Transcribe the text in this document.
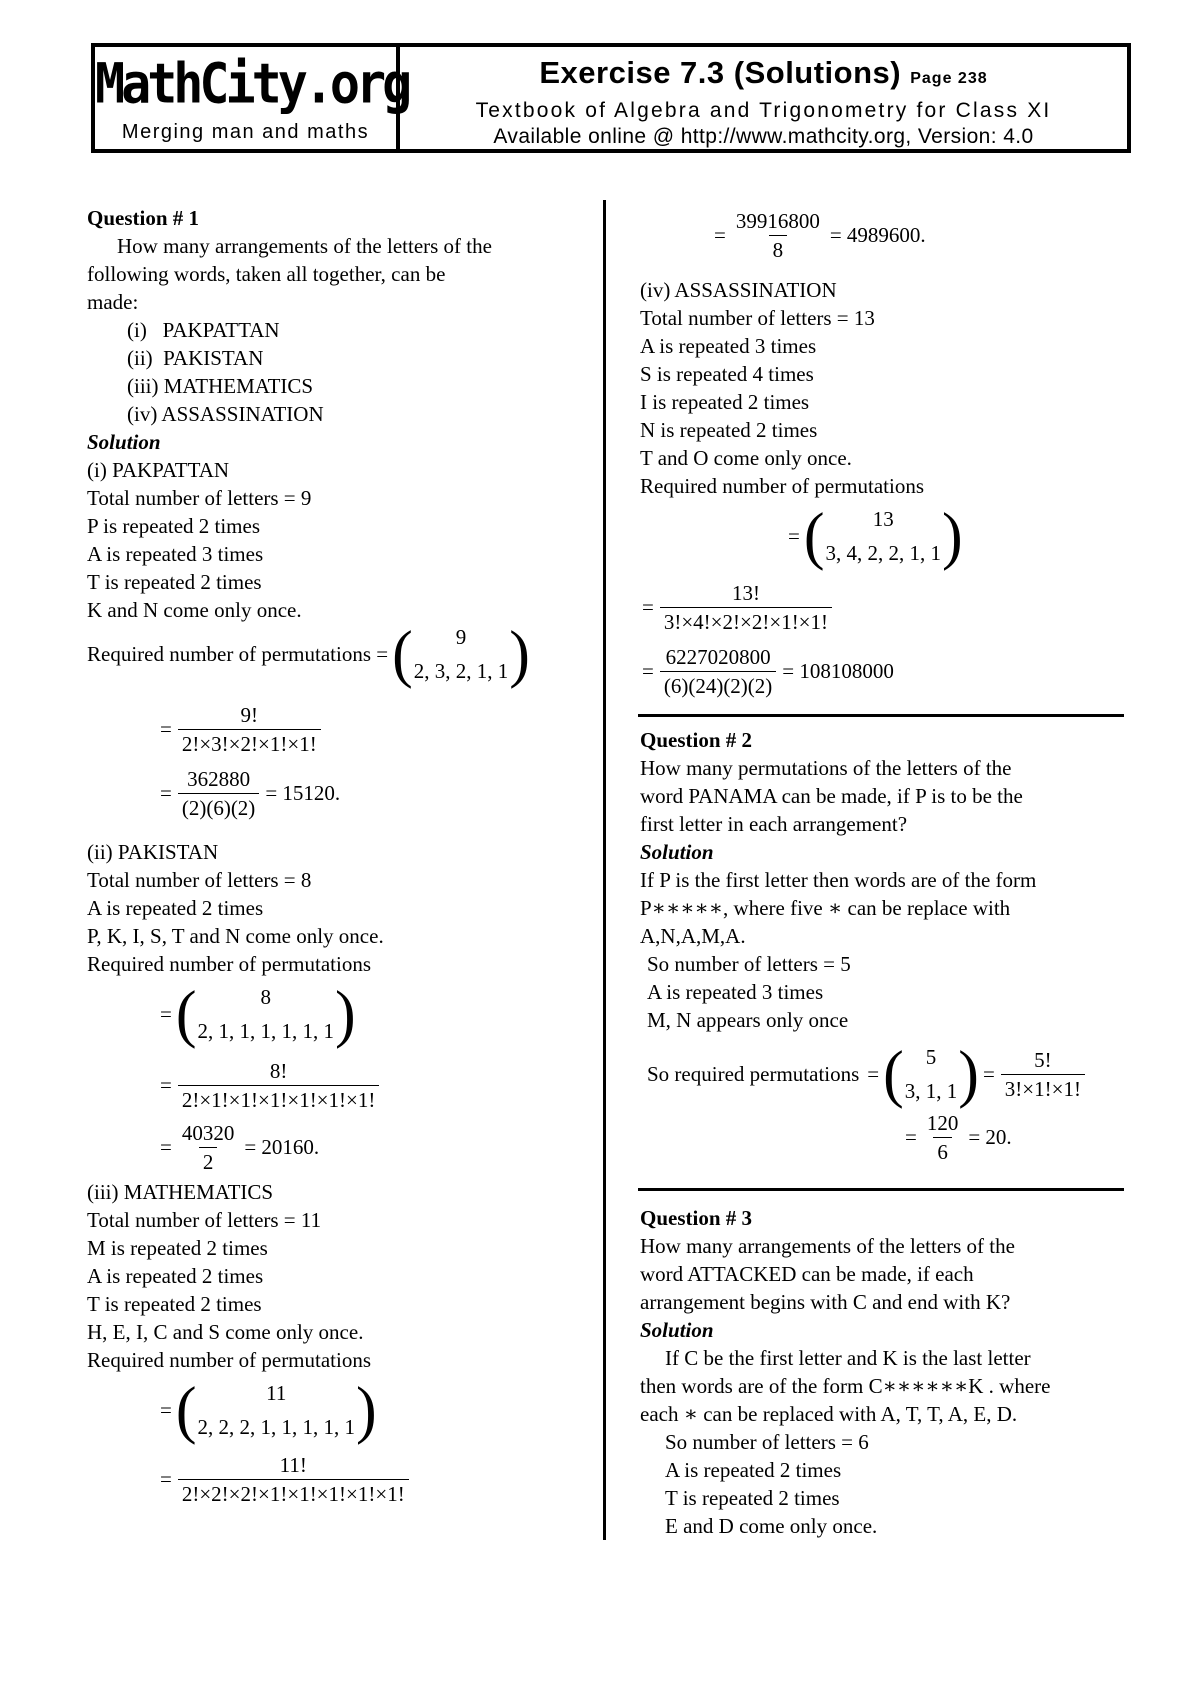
MathCity.org
Merging man and maths
Exercise 7.3 (Solutions) Page 238
Textbook of Algebra and Trigonometry for Class XI
Available online @ http://www.mathcity.org, Version: 4.0
Question # 1
How many arrangements of the letters of the
following words, taken all together, can be
made:
(i)   PAKPATTAN
(ii)  PAKISTAN
(iii) MATHEMATICS
(iv) ASSASSINATION
Solution
(i) PAKPATTAN
Total number of letters = 9
P is repeated 2 times
A is repeated 3 times
T is repeated 2 times
K and N come only once.
Required number of permutations = ( 9
2, 3, 2, 1, 1 )
= $\frac{9!}{2!\times 3!\times 2!\times 1!\times 1!}$
= $\frac{362880}{(2)(6)(2)} = 15120$.
(ii) PAKISTAN
Total number of letters = 8
A is repeated 2 times
P, K, I, S, T and N come only once.
Required number of permutations
= (	8
2, 1, 1, 1, 1, 1, 1 )
= $\frac{8!}{2!\times 1!\times 1!\times 1!\times 1!\times 1!\times 1!}$
= $\frac{40320}{2} = 20160$.
(iii) MATHEMATICS
Total number of letters = 11
M is repeated 2 times
A is repeated 2 times
T is repeated 2 times
H, E, I, C and S come only once.
Required number of permutations
= (	11
2, 2, 2, 1, 1, 1, 1, 1 )
= $\frac{11!}{2!\times 2!\times 2!\times 1!\times 1!\times 1!\times 1!\times 1!}$
= $\frac{39916800}{8} = 4989600$.
(iv) ASSASSINATION
Total number of letters = 13
A is repeated 3 times
S is repeated 4 times
I is repeated 2 times
N is repeated 2 times
T and O come only once.
Required number of permutations
= ( 13
3, 4, 2, 2, 1, 1 )
= $\frac{13!}{3!\times 4!\times 2!\times 2!\times 1!\times 1!}$
= $\frac{6227020800}{(6)(24)(2)(2)} = 108108000$
Question # 2
How many permutations of the letters of the
word PANAMA can be made, if P is to be the
first letter in each arrangement?
Solution
If P is the first letter then words are of the form
P∗∗∗∗∗, where five ∗ can be replace with
A,N,A,M,A.
So number of letters = 5
A is repeated 3 times
M, N appears only once
So required permutations = ( 5
3, 1, 1 ) = $\frac{5!}{3!\times 1!\times 1!}$
= $\frac{120}{6} = 20$.
Question # 3
How many arrangements of the letters of the
word ATTACKED can be made, if each
arrangement begins with C and end with K?
Solution
If C be the first letter and K is the last letter
then words are of the form C∗∗∗∗∗∗K . where
each ∗ can be replaced with A, T, T, A, E, D.
So number of letters = 6
A is repeated 2 times
T is repeated 2 times
E and D come only once.
